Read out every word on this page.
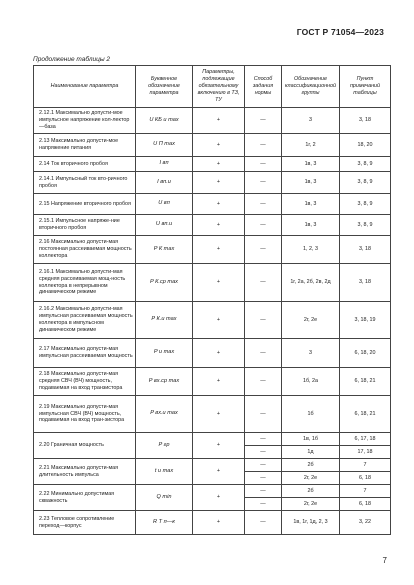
ГОСТ Р 71054—2023
Продолжение таблицы 2
Наименование параметра	Буквенное обозначение параметра	Параметры, подлежащие обязательному включению в ТЗ, ТУ	Способ задания нормы	Обозначение классификационной группы	Пункт примечаний таблицы
2.12.1 Максимально допусти-мое импульсное напряжение кол-лектор—база	U КБ и max	+	—	3	3, 18
2.13 Максимально допусти-мое напряжение питания	U П max	+	—	1г, 2	18, 20
2.14 Ток вторичного пробоя	I вп	+	—	1в, 3	3, 8, 9
2.14.1 Импульсный ток вто-ричного пробоя	I вп.и	+	—	1в, 3	3, 8, 9
2.15 Напряжение вторичного пробоя	U вп	+	—	1в, 3	3, 8, 9
2.15.1 Импульсное напряже-ние вторичного пробоя	U вп.и	+	—	1в, 3	3, 8, 9
2.16 Максимально допусти-мая постоянная рассеиваемая мощность коллектора	P К max	+	—	1, 2, 3	3, 18
2.16.1 Максимально допусти-мая средняя рассеиваемая мощ-ность коллектора в непрерывном динамическом режиме	P К.ср max	+	—	1г, 2а, 2б, 2в, 2д	3, 18
2.16.2 Максимально допусти-мая импульсная рассеиваемая мощность коллектора в импульсном динамическом режиме	P К.и max	+	—	2г, 2е	3, 18, 19
2.17 Максимально допусти-мая импульсная рассеиваемая мощность	P и max	+	—	3	6, 18, 20
2.18 Максимально допусти-мая средняя СВЧ (ВЧ) мощность, подаваемая на вход транзистора	P вх.ср max	+	—	1б, 2а	6, 18, 21
2.19 Максимально допусти-мая импульсная СВЧ (ВЧ) мощность, подаваемая на вход тран-зистора	P вх.и max	+	—	1б	6, 18, 21
2.20 Граничная мощность	P гр	+	—	1в, 1б	6, 17, 18
			—	1д	17, 18
2.21 Максимально допусти-мая длительность импульса	t и max	+	—	2б	7
			—	2г, 2е	6, 18
2.22 Минимально допустимая скважность	Q min	+	—	2б	7
			—	2г, 2е	6, 18
2.23 Тепловое сопротивление переход—корпус	R T п—к	+	—	1в, 1г, 1д, 2, 3	3, 22
7
